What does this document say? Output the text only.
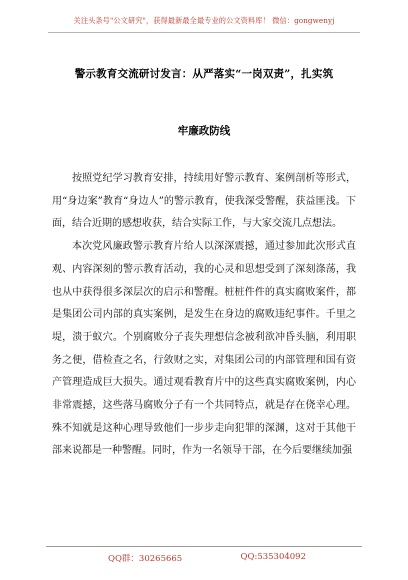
关注头条号"公文研究"，获得最新最全最专业的公文资料库！ 微信：gongwenyj
警示教育交流研讨发言：从严落实“一岗双责”，扎实筑
牢廉政防线

按照党纪学习教育安排，持续用好警示教育、案例剖析等形式，用“身边案”教育“身边人”的警示教育，使我深受警醒，获益匪浅。下面，结合近期的感想收获，结合实际工作，与大家交流几点想法。

本次党风廉政警示教育片给人以深深震撼，通过参加此次形式直观、内容深刻的警示教育活动，我的心灵和思想受到了深刻涤荡，我也从中获得很多深层次的启示和警醒。桩桩件件的真实腐败案件，都是集团公司内部的真实案例，是发生在身边的腐败违纪事件。千里之堤，溃于蚁穴。个别腐败分子丧失理想信念被利欲冲昏头脑，利用职务之便，借检查之名，行敛财之实，对集团公司的内部管理和国有资产管理造成巨大损失。通过观看教育片中的这些真实腐败案例，内心非常震撼，这些落马腐败分子有一个共同特点，就是存在侥幸心理。殊不知就是这种心理导致他们一步步走向犯罪的深渊，这对于其他干部来说都是一种警醒。同时，作为一名领导干部，在今后要继续加强

QQ群：30265665	QQ:535304092
